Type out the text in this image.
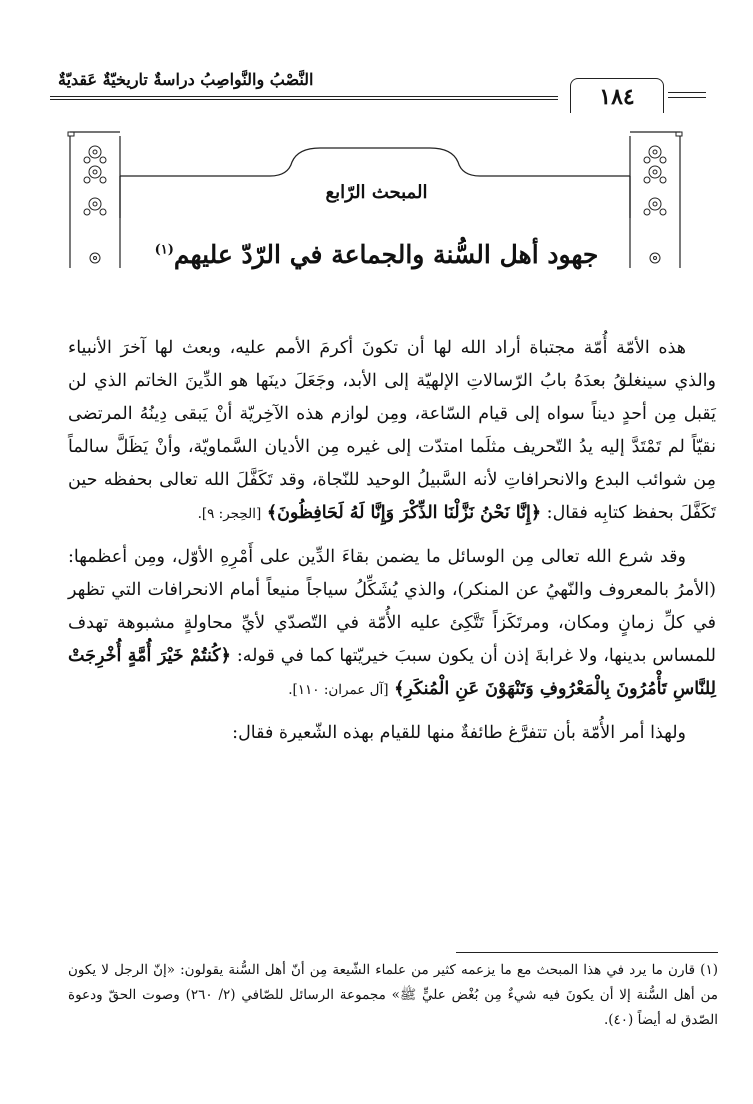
النَّصْبُ والنَّواصِبُ دراسةٌ تاريخيّةٌ عَقديّةٌ
١٨٤
المبحث الرّابع
جهود أهل السُّنة والجماعة في الرّدّ عليهم$^{(١)}$

هذه الأمّة أُمّة مجتباة أراد الله لها أن تكونَ أكرمَ الأمم عليه، وبعث لها آخرَ الأنبياء والذي سينغلقُ بعدَهُ بابُ الرّسالاتِ الإلهيّة إلى الأبد، وجَعَلَ دينَها هو الدِّينَ الخاتم الذي لن يَقبل مِن أحدٍ ديناً سواه إلى قيام السّاعة، ومِن لوازم هذه الآخِريّة أنْ يَبقى دِينُهُ المرتضى نقيّاً لم تَمْتَدَّ إليه يدُ التّحريف مثلَما امتدّت إلى غيره مِن الأديان السَّماويّة، وأنْ يَظَلَّ سالماً مِن شوائب البدع والانحرافاتِ لأنه السَّبيلُ الوحيد للنّجاة، وقد تَكَفَّلَ الله تعالى بحفظه حين تَكَفَّلَ بحفظ كتابِه فقال: ﴿إِنَّا نَحْنُ نَزَّلْنَا الذِّكْرَ وَإِنَّا لَهُ لَحَافِظُونَ﴾ [الحِجر: ٩].

وقد شرع الله تعالى مِن الوسائل ما يضمن بقاءَ الدِّين على أَمْرِهِ الأوّل، ومِن أعظمها: (الأمرُ بالمعروف والنّهيُ عن المنكر)، والذي يُشَكِّلُ سياجاً منيعاً أمام الانحرافات التي تظهر في كلِّ زمانٍ ومكان، ومرتَكَزاً تَتَّكِئ عليه الأُمّة في التّصدّي لأيِّ محاولةٍ مشبوهة تهدف للمساس بدينها، ولا غرابةَ إذن أن يكون سببَ خيريّتها كما في قوله: ﴿كُنتُمْ خَيْرَ أُمَّةٍ أُخْرِجَتْ لِلنَّاسِ تَأْمُرُونَ بِالْمَعْرُوفِ وَتَنْهَوْنَ عَنِ الْمُنكَرِ﴾ [آل عمران: ١١٠].

ولهذا أمر الأُمّة بأن تتفرَّغ طائفةٌ منها للقيام بهذه الشّعيرة فقال:

(١) قارن ما يرد في هذا المبحث مع ما يزعمه كثير من علماء الشّيعة مِن أنّ أهل السُّنة يقولون: «إنّ الرجل لا يكون من أهل السُّنة إلا أن يكونَ فيه شيءٌ مِن بُغْض عليٍّ ﷺ» مجموعة الرسائل للصّافي (٢/ ٢٦٠) وصوت الحقّ ودعوة الصّدق له أيضاً (٤٠).
